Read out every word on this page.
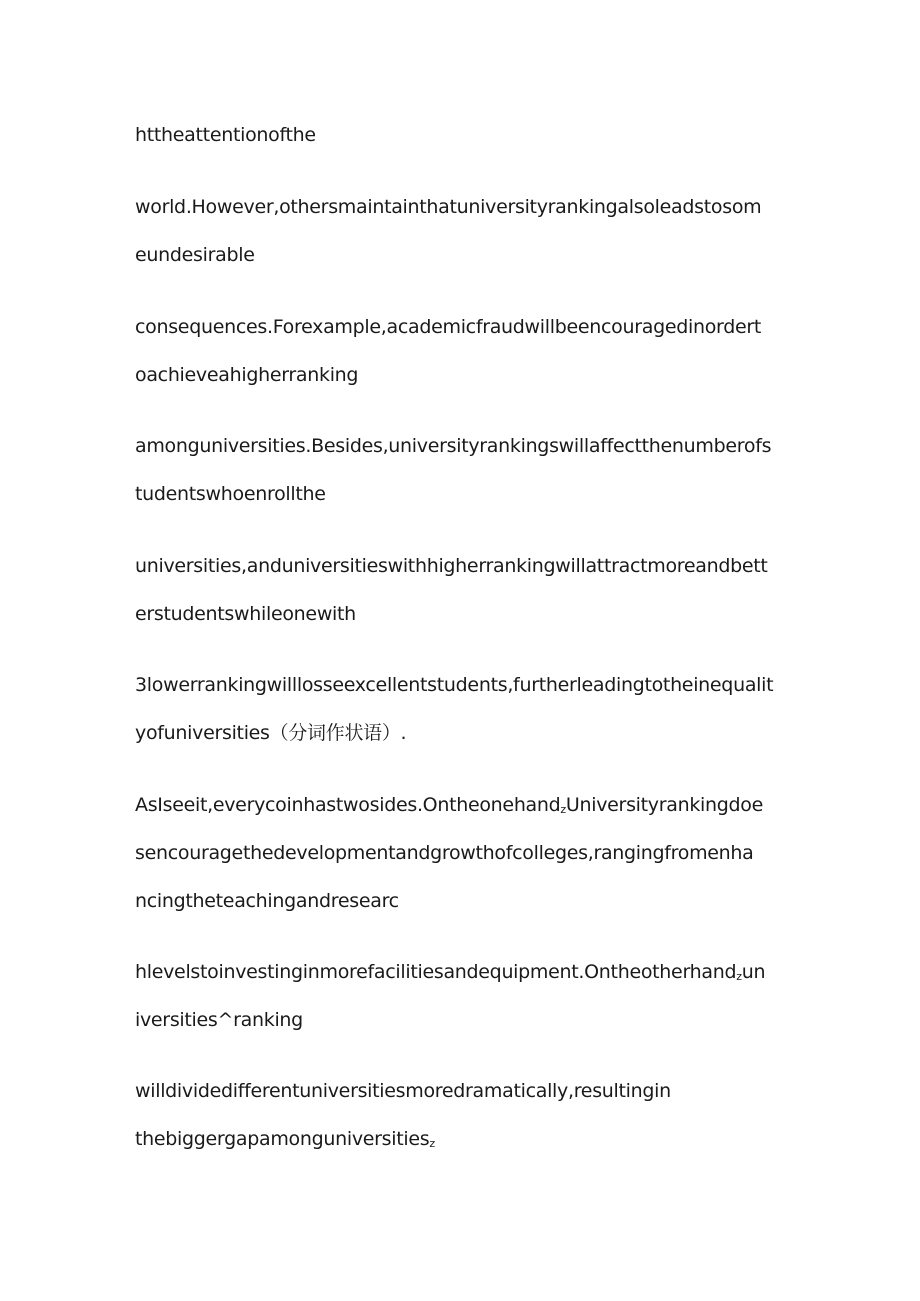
httheattentionofthe
world.However,othersmaintainthatuniversityrankingalsoleadstosom
eundesirable
consequences.Forexample,academicfraudwillbeencouragedinordert
oachieveahigherranking
amonguniversities.Besides,universityrankingswillaffectthenumberofs
tudentswhoenrollthe
universities,anduniversitieswithhigherrankingwillattractmoreandbett
erstudentswhileonewith
3lowerrankingwilllosseexcellentstudents,furtherleadingtotheinequalit
yofuniversities（分词作状语）.
AsIseeit,everycoinhastwosides.Ontheonehand$_z$Universityrankingdoe
sencouragethedevelopmentandgrowthofcolleges,rangingfromenha
ncingtheteachingandresearc
hlevelstoinvestinginmorefacilitiesandequipment.Ontheotherhand$_z$un
iversities^ranking
willdividedifferentuniversitiesmoredramatically,resultingin
thebiggergapamonguniversities$_z$
